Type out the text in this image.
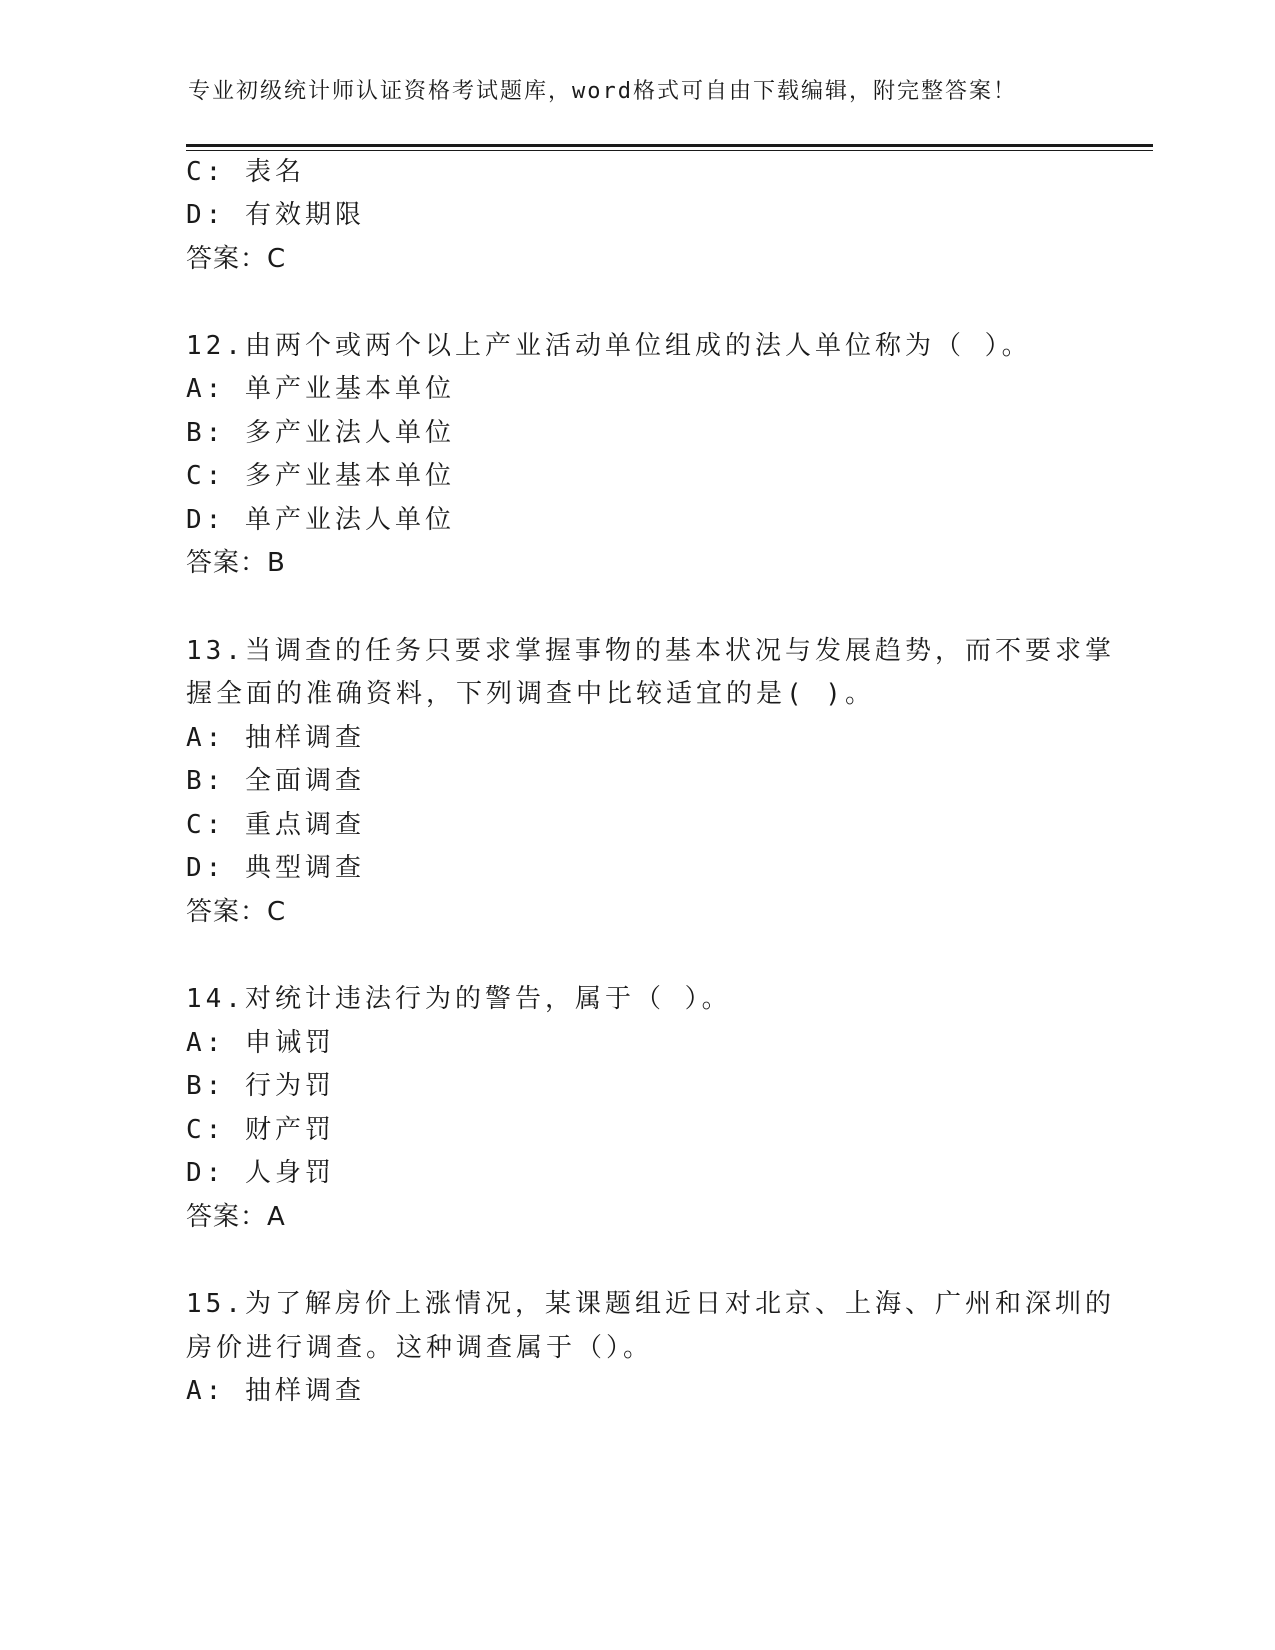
专业初级统计师认证资格考试题库，word格式可自由下载编辑，附完整答案！
C: 表名
D: 有效期限
答案：C
12.由两个或两个以上产业活动单位组成的法人单位称为（ ）。
A: 单产业基本单位
B: 多产业法人单位
C: 多产业基本单位
D: 单产业法人单位
答案：B
13.当调查的任务只要求掌握事物的基本状况与发展趋势，而不要求掌
握全面的准确资料，下列调查中比较适宜的是( )。
A: 抽样调查
B: 全面调查
C: 重点调查
D: 典型调查
答案：C
14.对统计违法行为的警告，属于（ ）。
A: 申诫罚
B: 行为罚
C: 财产罚
D: 人身罚
答案：A
15.为了解房价上涨情况，某课题组近日对北京、上海、广州和深圳的
房价进行调查。这种调查属于（）。
A: 抽样调查
